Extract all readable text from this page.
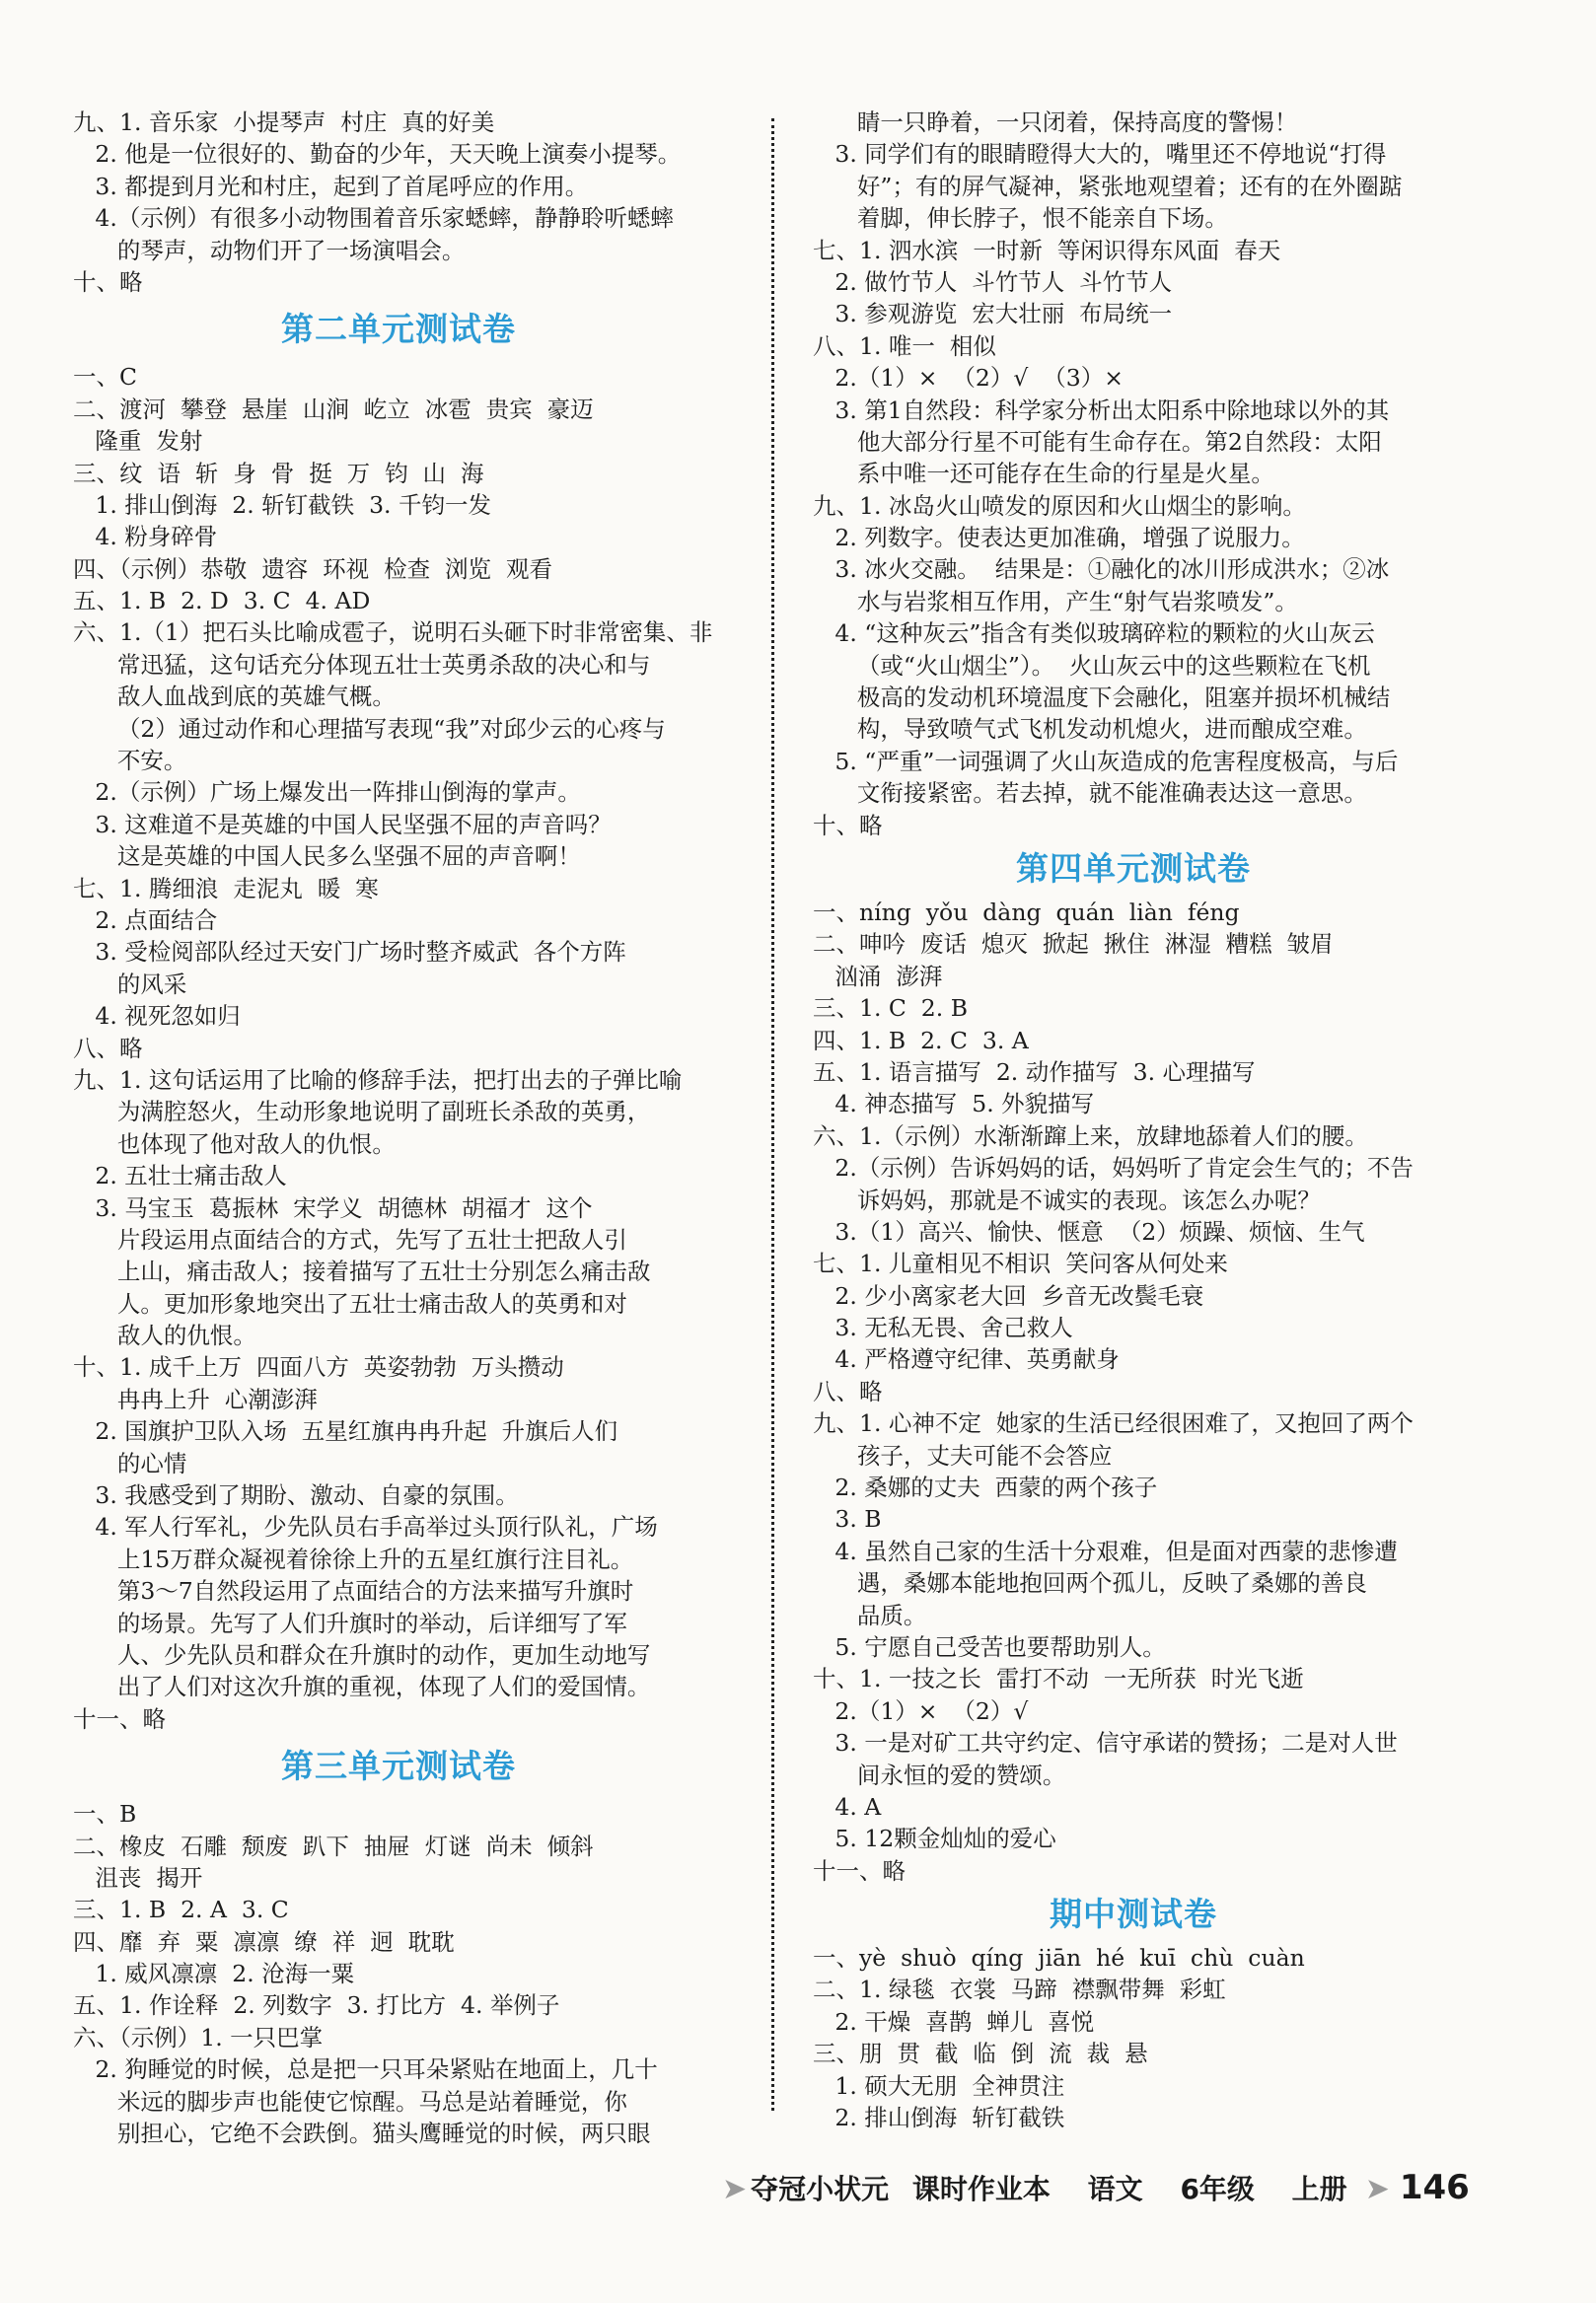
九、1. 音乐家  小提琴声  村庄  真的好美
2. 他是一位很好的、勤奋的少年，天天晚上演奏小提琴。
3. 都提到月光和村庄，起到了首尾呼应的作用。
4.（示例）有很多小动物围着音乐家蟋蟀，静静聆听蟋蟀
的琴声，动物们开了一场演唱会。
十、略
第二单元测试卷
一、C
二、渡河  攀登  悬崖  山涧  屹立  冰雹  贵宾  豪迈
隆重  发射
三、纹  语  斩  身  骨  挺  万  钧  山  海
1. 排山倒海  2. 斩钉截铁  3. 千钧一发
4. 粉身碎骨
四、（示例）恭敬  遗容  环视  检查  浏览  观看
五、1. B  2. D  3. C  4. AD
六、1.（1）把石头比喻成雹子，说明石头砸下时非常密集、非
常迅猛，这句话充分体现五壮士英勇杀敌的决心和与
敌人血战到底的英雄气概。
（2）通过动作和心理描写表现“我”对邱少云的心疼与
不安。
2.（示例）广场上爆发出一阵排山倒海的掌声。
3. 这难道不是英雄的中国人民坚强不屈的声音吗？
这是英雄的中国人民多么坚强不屈的声音啊！
七、1. 腾细浪  走泥丸  暖  寒
2. 点面结合
3. 受检阅部队经过天安门广场时整齐威武  各个方阵
的风采
4. 视死忽如归
八、略
九、1. 这句话运用了比喻的修辞手法，把打出去的子弹比喻
为满腔怒火，生动形象地说明了副班长杀敌的英勇，
也体现了他对敌人的仇恨。
2. 五壮士痛击敌人
3. 马宝玉  葛振林  宋学义  胡德林  胡福才  这个
片段运用点面结合的方式，先写了五壮士把敌人引
上山，痛击敌人；接着描写了五壮士分别怎么痛击敌
人。更加形象地突出了五壮士痛击敌人的英勇和对
敌人的仇恨。
十、1. 成千上万  四面八方  英姿勃勃  万头攒动
冉冉上升  心潮澎湃
2. 国旗护卫队入场  五星红旗冉冉升起  升旗后人们
的心情
3. 我感受到了期盼、激动、自豪的氛围。
4. 军人行军礼，少先队员右手高举过头顶行队礼，广场
上15万群众凝视着徐徐上升的五星红旗行注目礼。
第3～7自然段运用了点面结合的方法来描写升旗时
的场景。先写了人们升旗时的举动，后详细写了军
人、少先队员和群众在升旗时的动作，更加生动地写
出了人们对这次升旗的重视，体现了人们的爱国情。
十一、略
第三单元测试卷
一、B
二、橡皮  石雕  颓废  趴下  抽屉  灯谜  尚未  倾斜
沮丧  揭开
三、1. B  2. A  3. C
四、靡  弃  粟  凛凛  缭  祥  迥  耽耽
1. 威风凛凛  2. 沧海一粟
五、1. 作诠释  2. 列数字  3. 打比方  4. 举例子
六、（示例）1. 一只巴掌
2. 狗睡觉的时候，总是把一只耳朵紧贴在地面上，几十
米远的脚步声也能使它惊醒。马总是站着睡觉，你
别担心，它绝不会跌倒。猫头鹰睡觉的时候，两只眼
睛一只睁着，一只闭着，保持高度的警惕！
3. 同学们有的眼睛瞪得大大的，嘴里还不停地说“打得
好”；有的屏气凝神，紧张地观望着；还有的在外圈踮
着脚，伸长脖子，恨不能亲自下场。
七、1. 泗水滨  一时新  等闲识得东风面  春天
2. 做竹节人  斗竹节人  斗竹节人
3. 参观游览  宏大壮丽  布局统一
八、1. 唯一  相似
2.（1）×  （2）√  （3）×
3. 第1自然段：科学家分析出太阳系中除地球以外的其
他大部分行星不可能有生命存在。第2自然段：太阳
系中唯一还可能存在生命的行星是火星。
九、1. 冰岛火山喷发的原因和火山烟尘的影响。
2. 列数字。使表达更加准确，增强了说服力。
3. 冰火交融。  结果是：①融化的冰川形成洪水；②冰
水与岩浆相互作用，产生“射气岩浆喷发”。
4. “这种灰云”指含有类似玻璃碎粒的颗粒的火山灰云
（或“火山烟尘”）。  火山灰云中的这些颗粒在飞机
极高的发动机环境温度下会融化，阻塞并损坏机械结
构，导致喷气式飞机发动机熄火，进而酿成空难。
5. “严重”一词强调了火山灰造成的危害程度极高，与后
文衔接紧密。若去掉，就不能准确表达这一意思。
十、略
第四单元测试卷
一、níng  yǒu  dàng  quán  liàn  féng
二、呻吟  废话  熄灭  掀起  揪住  淋湿  糟糕  皱眉
汹涌  澎湃
三、1. C  2. B
四、1. B  2. C  3. A
五、1. 语言描写  2. 动作描写  3. 心理描写
4. 神态描写  5. 外貌描写
六、1.（示例）水渐渐蹿上来，放肆地舔着人们的腰。
2.（示例）告诉妈妈的话，妈妈听了肯定会生气的；不告
诉妈妈，那就是不诚实的表现。该怎么办呢？
3.（1）高兴、愉快、惬意  （2）烦躁、烦恼、生气
七、1. 儿童相见不相识  笑问客从何处来
2. 少小离家老大回  乡音无改鬓毛衰
3. 无私无畏、舍己救人
4. 严格遵守纪律、英勇献身
八、略
九、1. 心神不定  她家的生活已经很困难了，又抱回了两个
孩子，丈夫可能不会答应
2. 桑娜的丈夫  西蒙的两个孩子
3. B
4. 虽然自己家的生活十分艰难，但是面对西蒙的悲惨遭
遇，桑娜本能地抱回两个孤儿，反映了桑娜的善良
品质。
5. 宁愿自己受苦也要帮助别人。
十、1. 一技之长  雷打不动  一无所获  时光飞逝
2.（1）×  （2）√
3. 一是对矿工共守约定、信守承诺的赞扬；二是对人世
间永恒的爱的赞颂。
4. A
5. 12颗金灿灿的爱心
十一、略
期中测试卷
一、yè  shuò  qíng  jiān  hé  kuī  chù  cuàn
二、1. 绿毯  衣裳  马蹄  襟飘带舞  彩虹
2. 干燥  喜鹊  蝉儿  喜悦
三、朋  贯  截  临  倒  流  裁  悬
1. 硕大无朋  全神贯注
2. 排山倒海  斩钉截铁
➤ 夺冠小状元 课时作业本 语文 6年级 上册 ➤ 146
